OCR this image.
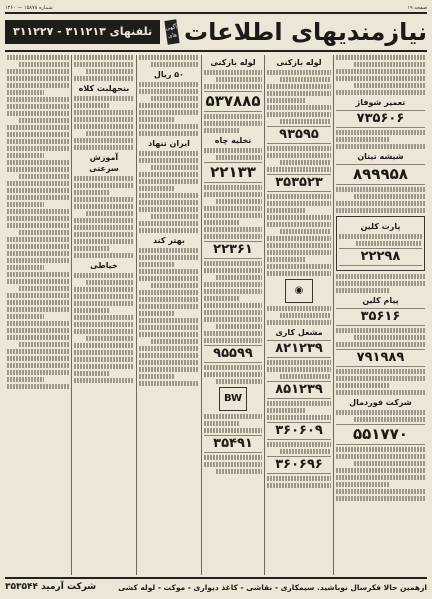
صفحه ۱۹
شماره ۱۵۸۷۸ — ۱۳۶۰
نیازمندیهای اطلاعات
آگهی های
تلفنهای ۳۱۱۲۱۳ - ۳۱۱۲۲۷
تعمیر شوفاژ
۷۳۵۶۰۶
شیشه تیتان
۸۹۹۹۵۸
پارت کلین
۲۲۲۹۸
پیام کلین
۳۵۶۱۶
۷۹۱۹۸۹
شرکت فوردمال
۵۵۱۷۷۰
لوله بازکنی
۹۳۵۹۵
۳۵۳۵۲۳
◉
مشعل کاری
۸۲۱۲۳۹
۸۵۱۲۳۹
۳۶۰۶۰۹
۳۶۰۶۹۶
لوله بازکنی
۵۳۷۸۸۵
تخلیه چاه
۲۲۱۳۳
۲۲۳۶۱
۹۵۵۹۹
BW
۳۵۴۹۱
۵۰ ریال
ایران تنهاد
بهتر کند
بنجهلبت کلاه
آموزش سرعتی
خیاطی
ازهمین حالا فکرسال نوباشید. سیمکاری - نقاشی - کاغذ دیواری - موکت - لوله کشی
شرکت آرمید ۳۵۳۵۴۴
